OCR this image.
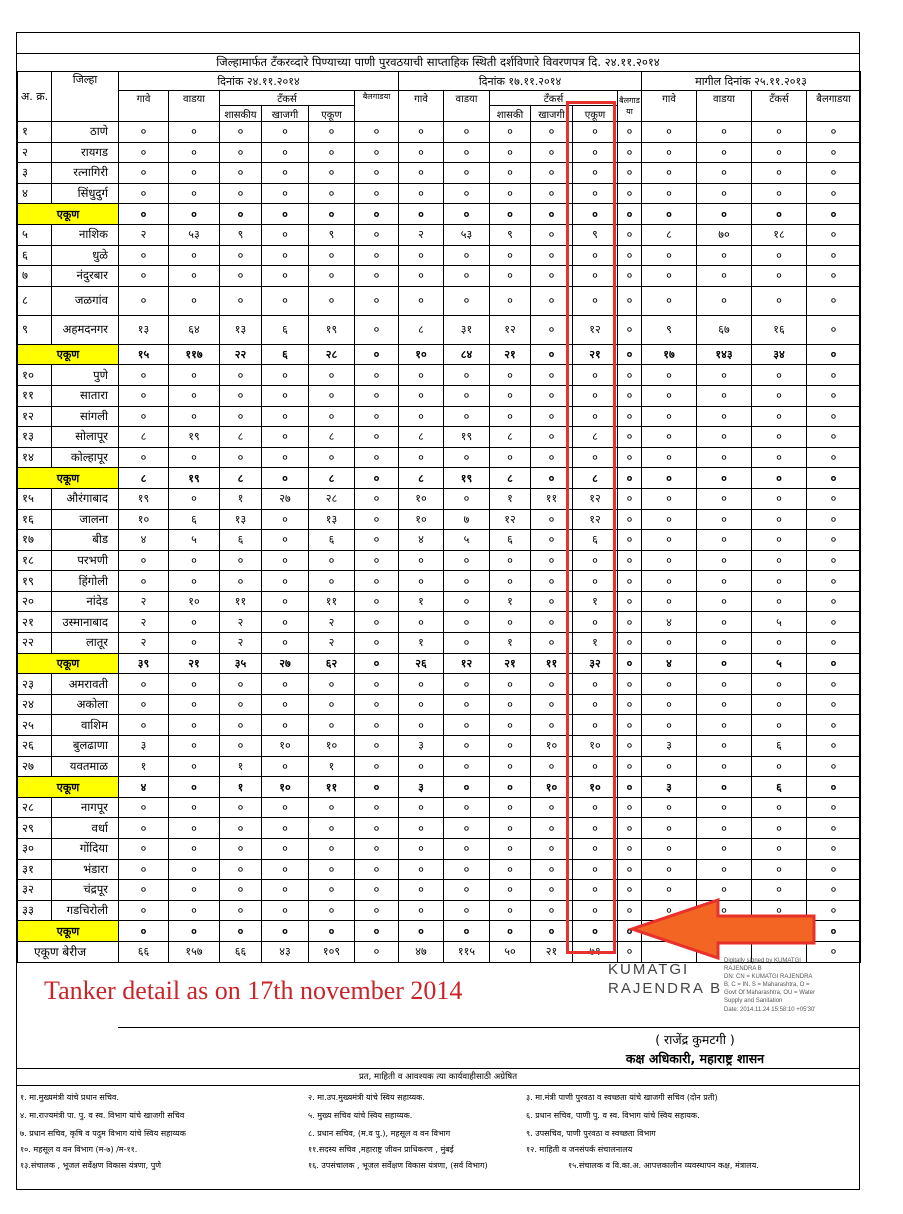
जिल्हामार्फत टँकरव्दारे पिण्याच्या पाणी पुरवठयाची साप्ताहिक स्थिती दर्शविणारे विवरणपत्र दि. २४.११.२०१४
अ. क्र.	जिल्हा	दिनांक २४.११.२०१४						दिनांक १७.११.२०१४						मागील दिनांक २५.११.२०१३			
		गावे	वाडया	टँकर्स			बैलगाडया	गावे	वाडया	टँकर्स			बैलगाड या	गावे	वाडया	टँकर्स	बैलगाडया
				शासकीय	खाजगी	एकूण				शासकी	खाजगी	एकूण					
१	ठाणे	०	०	०	०	०	०	०	०	०	०	०	०	०	०	०	०
२	रायगड	०	०	०	०	०	०	०	०	०	०	०	०	०	०	०	०
३	रत्नागिरी	०	०	०	०	०	०	०	०	०	०	०	०	०	०	०	०
४	सिंधुदुर्ग	०	०	०	०	०	०	०	०	०	०	०	०	०	०	०	०
एकूण		०	०	०	०	०	०	०	०	०	०	०	०	०	०	०	०
५	नाशिक	२	५३	९	०	९	०	२	५३	९	०	९	०	८	७०	१८	०
६	धुळे	०	०	०	०	०	०	०	०	०	०	०	०	०	०	०	०
७	नंदुरबार	०	०	०	०	०	०	०	०	०	०	०	०	०	०	०	०
८	जळगांव	०	०	०	०	०	०	०	०	०	०	०	०	०	०	०	०
९	अहमदनगर	१३	६४	१३	६	१९	०	८	३१	१२	०	१२	०	९	६७	१६	०
एकूण		१५	११७	२२	६	२८	०	१०	८४	२१	०	२१	०	१७	१४३	३४	०
१०	पुणे	०	०	०	०	०	०	०	०	०	०	०	०	०	०	०	०
११	सातारा	०	०	०	०	०	०	०	०	०	०	०	०	०	०	०	०
१२	सांगली	०	०	०	०	०	०	०	०	०	०	०	०	०	०	०	०
१३	सोलापूर	८	१९	८	०	८	०	८	१९	८	०	८	०	०	०	०	०
१४	कोल्हापूर	०	०	०	०	०	०	०	०	०	०	०	०	०	०	०	०
एकूण		८	१९	८	०	८	०	८	१९	८	०	८	०	०	०	०	०
१५	औरंगाबाद	१९	०	१	२७	२८	०	१०	०	१	११	१२	०	०	०	०	०
१६	जालना	१०	६	१३	०	१३	०	१०	७	१२	०	१२	०	०	०	०	०
१७	बीड	४	५	६	०	६	०	४	५	६	०	६	०	०	०	०	०
१८	परभणी	०	०	०	०	०	०	०	०	०	०	०	०	०	०	०	०
१९	हिंगोली	०	०	०	०	०	०	०	०	०	०	०	०	०	०	०	०
२०	नांदेड	२	१०	११	०	११	०	१	०	१	०	१	०	०	०	०	०
२१	उस्मानाबाद	२	०	२	०	२	०	०	०	०	०	०	०	४	०	५	०
२२	लातूर	२	०	२	०	२	०	१	०	१	०	१	०	०	०	०	०
एकूण		३९	२१	३५	२७	६२	०	२६	१२	२१	११	३२	०	४	०	५	०
२३	अमरावती	०	०	०	०	०	०	०	०	०	०	०	०	०	०	०	०
२४	अकोला	०	०	०	०	०	०	०	०	०	०	०	०	०	०	०	०
२५	वाशिम	०	०	०	०	०	०	०	०	०	०	०	०	०	०	०	०
२६	बुलढाणा	३	०	०	१०	१०	०	३	०	०	१०	१०	०	३	०	६	०
२७	यवतमाळ	१	०	१	०	१	०	०	०	०	०	०	०	०	०	०	०
एकूण		४	०	१	१०	११	०	३	०	०	१०	१०	०	३	०	६	०
२८	नागपूर	०	०	०	०	०	०	०	०	०	०	०	०	०	०	०	०
२९	वर्धा	०	०	०	०	०	०	०	०	०	०	०	०	०	०	०	०
३०	गोंदिया	०	०	०	०	०	०	०	०	०	०	०	०	०	०	०	०
३१	भंडारा	०	०	०	०	०	०	०	०	०	०	०	०	०	०	०	०
३२	चंद्रपूर	०	०	०	०	०	०	०	०	०	०	०	०	०	०	०	०
३३	गडचिरोली	०	०	०	०	०	०	०	०	०	०	०	०	०	०	०	०
एकूण		०	०	०	०	०	०	०	०	०	०	०	०				०
एकूण बेरीज		६६	१५७	६६	४३	१०९	०	४७	११५	५०	२१	७१	०				०
Tanker detail as on 17th november 2014
KUMATGI
RAJENDRA B
Digitally signed by KUMATGI
RAJENDRA B
DN: CN = KUMATGI RAJENDRA
B, C = IN, S = Maharashtra, O =
Govt Of Maharashtra, OU = Water
Supply and Sanitation
Date: 2014.11.24 15:58:10 +05'30'
( राजेंद्र कुमटगी )
कक्ष अधिकारी, महाराष्ट्र शासन
प्रत, माहिती व आवश्यक त्या कार्यवाहीसाठी अग्रेषित
१. मा.मुख्यमंत्री यांचे प्रधान सचिव.	२. मा.उप.मुख्यमंत्री यांचे स्विय सहाय्यक.	३. मा.मंत्री पाणी पुरवठा व स्वच्छता यांचे खाजगी सचिव (दोन प्रती)
४. मा.राज्यमंत्री पा. पु. व स्व. विभाग यांचे खाजगी सचिव	५. मुख्य सचिव यांचे स्विय सहाय्यक.	६. प्रधान सचिव, पाणी पु. व स्व. विभाग यांचे स्विय सहायक.
७. प्रधान सचिव, कृषि व पदुम विभाग यांचे स्विय सहाय्यक	८. प्रधान सचिव, (म.व पु.), महसूल व वन विभाग	९. उपसचिव, पाणी पुरवठा व स्वच्छता विभाग
१०. महसूल व वन विभाग (म-७) /म-११.	११.सदस्य सचिव ,महाराष्ट्र जीवन प्राधिकरण , मुंबई	१२. माहिती व जनसंपर्क संचालनालय
१३.संचालक , भूजल सर्वेक्षण विकास यंत्रणा, पुणे	१६. उपसंचालक , भूजल सर्वेक्षण विकास यंत्रणा, (सर्व विभाग)	१५.संचालक व वि.का.अ. आपत्तकालीन व्यवस्थापन कक्ष, मंत्रालय.
